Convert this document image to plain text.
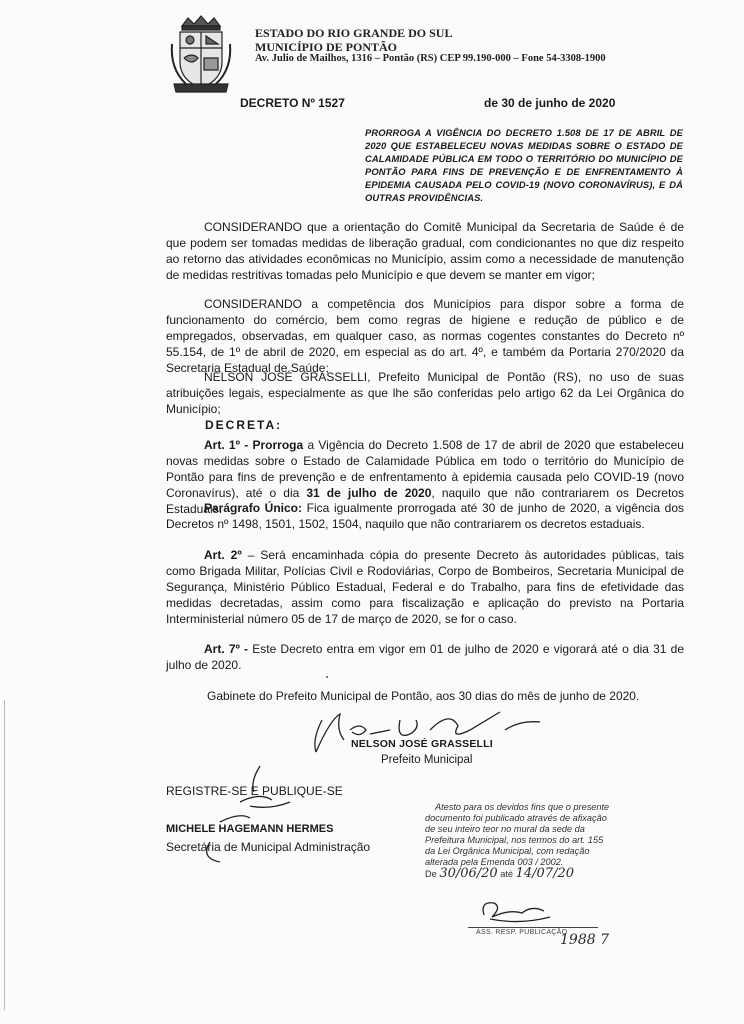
ESTADO DO RIO GRANDE DO SUL
MUNICÍPIO DE PONTÃO
Av. Julio de Mailhos, 1316 – Pontão (RS) CEP 99.190-000 – Fone 54-3308-1900
DECRETO Nº 1527	de 30 de junho de 2020
PRORROGA A VIGÊNCIA DO DECRETO 1.508 DE 17 DE ABRIL DE 2020 QUE ESTABELECEU NOVAS MEDIDAS SOBRE O ESTADO DE CALAMIDADE PÚBLICA EM TODO O TERRITÓRIO DO MUNICÍPIO DE PONTÃO PARA FINS DE PREVENÇÃO E DE ENFRENTAMENTO À EPIDEMIA CAUSADA PELO COVID-19 (NOVO CORONAVÍRUS), E DÁ OUTRAS PROVIDÊNCIAS.
CONSIDERANDO que a orientação do Comitê Municipal da Secretaria de Saúde é de que podem ser tomadas medidas de liberação gradual, com condicionantes no que diz respeito ao retorno das atividades econômicas no Município, assim como a necessidade de manutenção de medidas restritivas tomadas pelo Município e que devem se manter em vigor;
CONSIDERANDO a competência dos Municípios para dispor sobre a forma de funcionamento do comércio, bem como regras de higiene e redução de público e de empregados, observadas, em qualquer caso, as normas cogentes constantes do Decreto nº 55.154, de 1º de abril de 2020, em especial as do art. 4º, e também da Portaria 270/2020 da Secretaria Estadual de Saúde;
NELSON JOSÉ GRASSELLI, Prefeito Municipal de Pontão (RS), no uso de suas atribuições legais, especialmente as que lhe são conferidas pelo artigo 62 da Lei Orgânica do Município;
DECRETA:
Art. 1º - Prorroga a Vigência do Decreto 1.508 de 17 de abril de 2020 que estabeleceu novas medidas sobre o Estado de Calamidade Pública em todo o território do Município de Pontão para fins de prevenção e de enfrentamento à epidemia causada pelo COVID-19 (novo Coronavírus), até o dia 31 de julho de 2020, naquilo que não contrariarem os Decretos Estaduais.
Parágrafo Único: Fica igualmente prorrogada até 30 de junho de 2020, a vigência dos Decretos nº 1498, 1501, 1502, 1504, naquilo que não contrariarem os decretos estaduais.
Art. 2º – Será encaminhada cópia do presente Decreto às autoridades públicas, tais como Brigada Militar, Polícias Civil e Rodoviárias, Corpo de Bombeiros, Secretaria Municipal de Segurança, Ministério Público Estadual, Federal e do Trabalho, para fins de efetividade das medidas decretadas, assim como para fiscalização e aplicação do previsto na Portaria Interministerial número 05 de 17 de março de 2020, se for o caso.
Art. 7º - Este Decreto entra em vigor em 01 de julho de 2020 e vigorará até o dia 31 de julho de 2020.
Gabinete do Prefeito Municipal de Pontão, aos 30 dias do mês de junho de 2020.
NELSON JOSÉ GRASSELLI
Prefeito Municipal
REGISTRE-SE E PUBLIQUE-SE
MICHELE HAGEMANN HERMES
Secretária de Municipal Administração
Atesto para os devidos fins que o presente
documento foi publicado através de afixação
de seu inteiro teor no mural da sede da
Prefeitura Municipal, nos termos do art. 155
da Lei Orgânica Municipal, com redação
alterada pela Emenda 003 / 2002.
De 30/06/20 até 14/07/20
ASS. RESP. PUBLICAÇÃO
1988 7
